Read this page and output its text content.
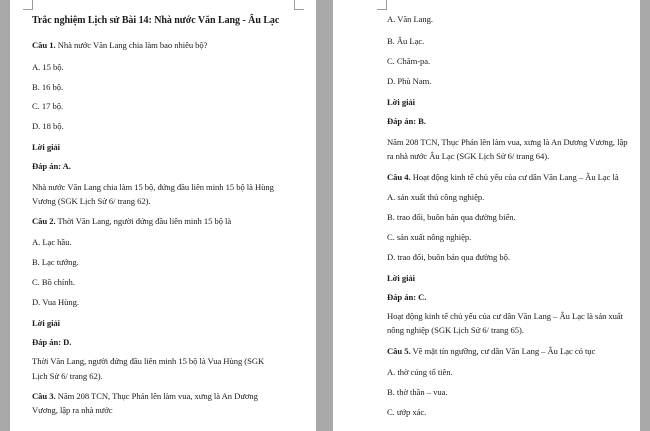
Trắc nghiệm Lịch sử Bài 14: Nhà nước Văn Lang - Âu Lạc
Câu 1. Nhà nước Văn Lang chia làm bao nhiêu bộ?
A. 15 bộ.
B. 16 bộ.
C. 17 bộ.
D. 18 bộ.
Lời giải
Đáp án: A.
Nhà nước Văn Lang chia làm 15 bộ, đứng đầu liên minh 15 bộ là Hùng
Vương (SGK Lịch Sử 6/ trang 62).
Câu 2. Thời Văn Lang, người đứng đầu liên minh 15 bộ là
A. Lạc hầu.
B. Lạc tướng.
C. Bồ chính.
D. Vua Hùng.
Lời giải
Đáp án: D.
Thời Văn Lang, người đứng đầu liên minh 15 bộ là Vua Hùng (SGK
Lịch Sử 6/ trang 62).
Câu 3. Năm 208 TCN, Thục Phán lên làm vua, xưng là An Dương
Vương, lập ra nhà nước
A. Văn Lang.
B. Âu Lạc.
C. Chăm-pa.
D. Phù Nam.
Lời giải
Đáp án: B.
Năm 208 TCN, Thục Phán lên làm vua, xưng là An Dương Vương, lập
ra nhà nước Âu Lạc (SGK Lịch Sử 6/ trang 64).
Câu 4. Hoạt động kinh tế chủ yếu của cư dân Văn Lang – Âu Lạc là
A. sản xuất thủ công nghiệp.
B. trao đổi, buôn bán qua đường biển.
C. sản xuất nông nghiệp.
D. trao đổi, buôn bán qua đường bộ.
Lời giải
Đáp án: C.
Hoạt động kinh tế chủ yếu của cư dân Văn Lang – Âu Lạc là sản xuất
nông nghiệp (SGK Lịch Sử 6/ trang 65).
Câu 5. Về mặt tín ngưỡng, cư dân Văn Lang – Âu Lạc có tục
A. thờ cúng tổ tiên.
B. thờ thần – vua.
C. ướp xác.
